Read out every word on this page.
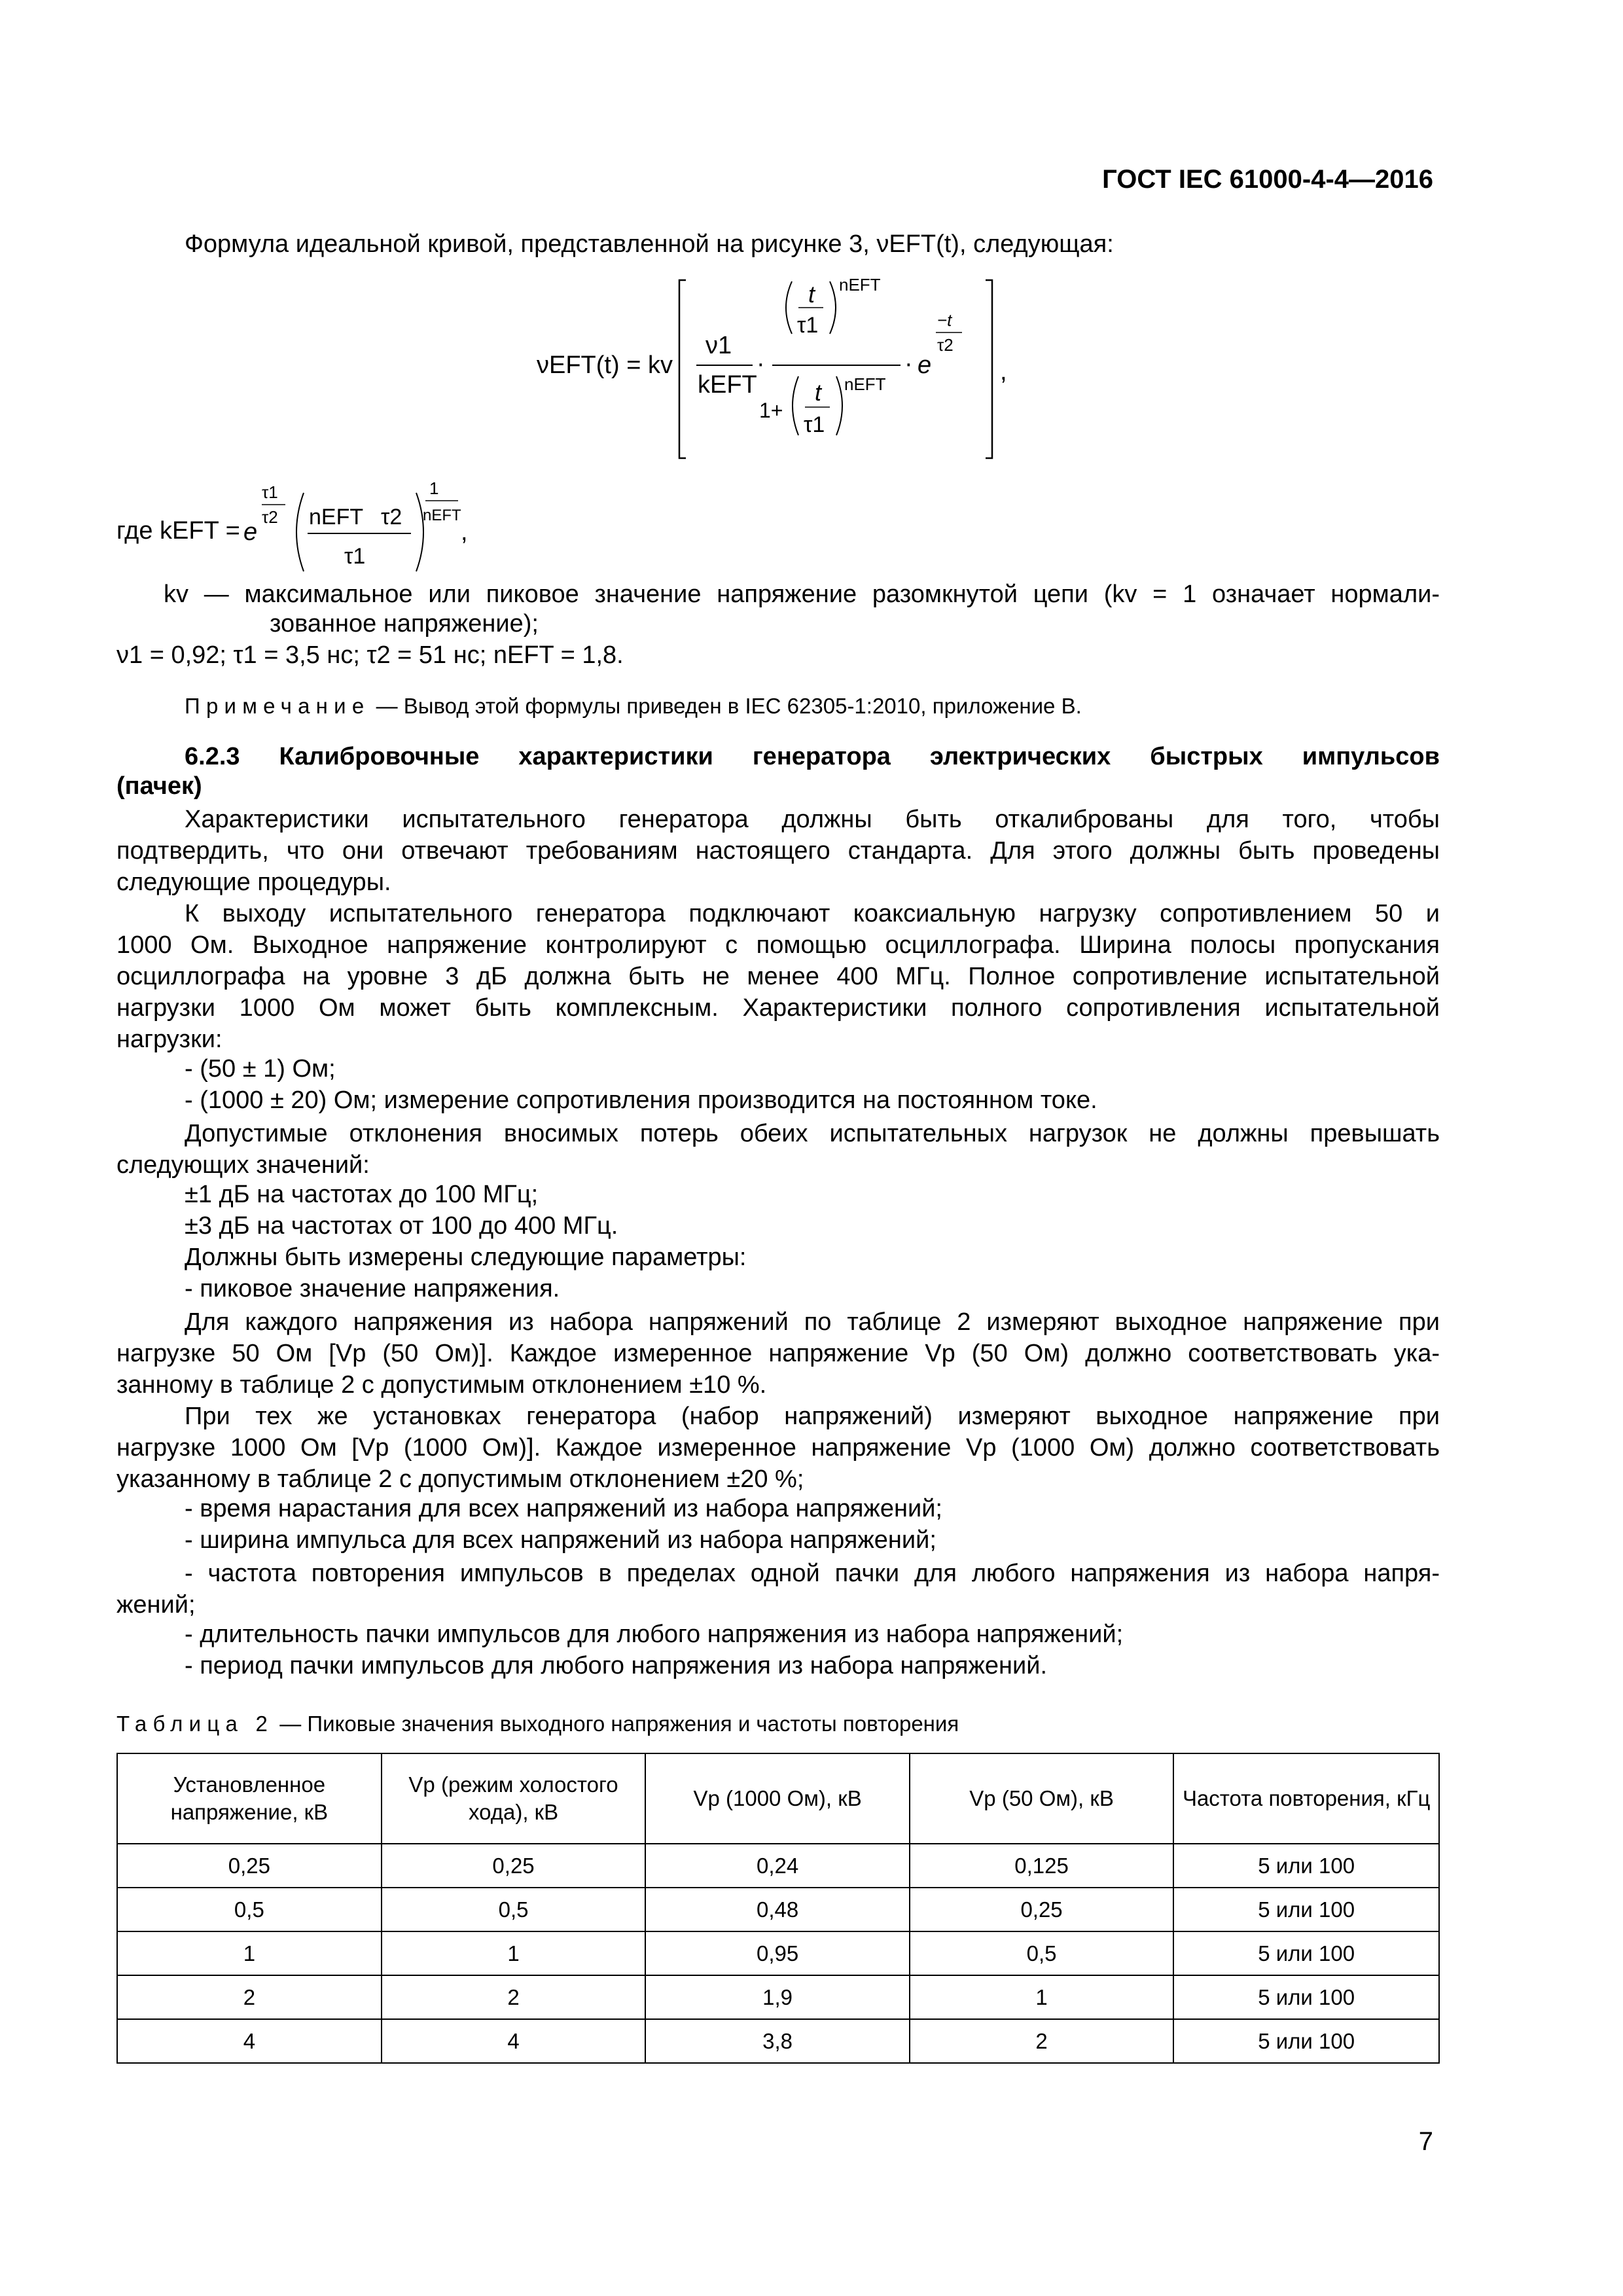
ГОСТ IEC 61000-4-4—2016
Формула идеальной кривой, представленной на рисунке 3, νEFT(t), следующая:
νEFT(t) = kv
ν1
kEFT
·
t
τ1
nEFT
1+
t
τ1
nEFT
· e
−t
τ2
,
где kEFT = e
τ1
τ2 nEFT τ2
τ1
1
nEFT
,
kv — максимальное или пиковое значение напряжение разомкнутой цепи (kv = 1 означает нормали-
зованное напряжение);
ν1 = 0,92; τ1 = 3,5 нс; τ2 = 51 нс; nEFT = 1,8.
Примечание — Вывод этой формулы приведен в IEC 62305-1:2010, приложение B.
6.2.3 Калибровочные характеристики генератора электрических быстрых импульсов
(пачек)
Характеристики испытательного генератора должны быть откалиброваны для того, чтобы
подтвердить, что они отвечают требованиям настоящего стандарта. Для этого должны быть проведены
следующие процедуры.
К выходу испытательного генератора подключают коаксиальную нагрузку сопротивлением 50 и
1000 Ом. Выходное напряжение контролируют с помощью осциллографа. Ширина полосы пропускания
осциллографа на уровне 3 дБ должна быть не менее 400 МГц. Полное сопротивление испытательной
нагрузки 1000 Ом может быть комплексным. Характеристики полного сопротивления испытательной
нагрузки:
- (50 ± 1) Ом;
- (1000 ± 20) Ом; измерение сопротивления производится на постоянном токе.
Допустимые отклонения вносимых потерь обеих испытательных нагрузок не должны превышать
следующих значений:
±1 дБ на частотах до 100 МГц;
±3 дБ на частотах от 100 до 400 МГц.
Должны быть измерены следующие параметры:
- пиковое значение напряжения.
Для каждого напряжения из набора напряжений по таблице 2 измеряют выходное напряжение при
нагрузке 50 Ом [Vp (50 Ом)]. Каждое измеренное напряжение Vp (50 Ом) должно соответствовать ука-
занному в таблице 2 с допустимым отклонением ±10 %.
При тех же установках генератора (набор напряжений) измеряют выходное напряжение при
нагрузке 1000 Ом [Vp (1000 Ом)]. Каждое измеренное напряжение Vp (1000 Ом) должно соответствовать
указанному в таблице 2 с допустимым отклонением ±20 %;
- время нарастания для всех напряжений из набора напряжений;
- ширина импульса для всех напряжений из набора напряжений;
- частота повторения импульсов в пределах одной пачки для любого напряжения из набора напря-
жений;
- длительность пачки импульсов для любого напряжения из набора напряжений;
- период пачки импульсов для любого напряжения из набора напряжений.
Таблица 2 — Пиковые значения выходного напряжения и частоты повторения
Установленное напряжение, кВ	Vp (режим холостого хода), кВ	Vp (1000 Ом), кВ	Vp (50 Ом), кВ	Частота повторения, кГц
0,25	0,25	0,24	0,125	5 или 100
0,5	0,5	0,48	0,25	5 или 100
1	1	0,95	0,5	5 или 100
2	2	1,9	1	5 или 100
4	4	3,8	2	5 или 100
7
